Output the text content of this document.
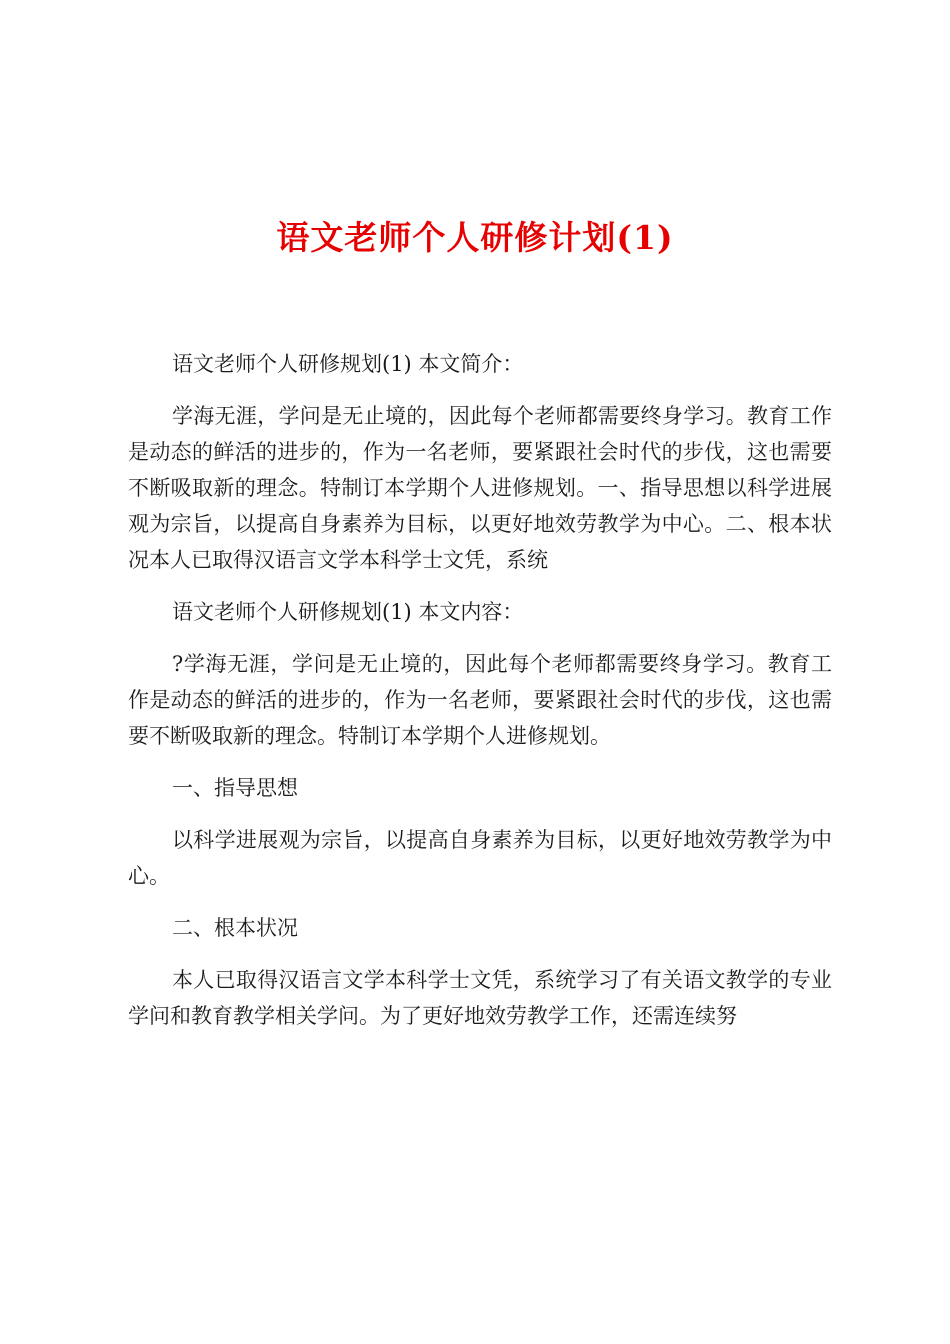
语文老师个人研修计划(1)

语文老师个人研修规划(1) 本文简介：

学海无涯，学问是无止境的，因此每个老师都需要终身学习。教育工作是动态的鲜活的进步的，作为一名老师，要紧跟社会时代的步伐，这也需要不断吸取新的理念。特制订本学期个人进修规划。一、指导思想以科学进展观为宗旨，以提高自身素养为目标，以更好地效劳教学为中心。二、根本状况本人已取得汉语言文学本科学士文凭，系统

语文老师个人研修规划(1) 本文内容：

?学海无涯，学问是无止境的，因此每个老师都需要终身学习。教育工作是动态的鲜活的进步的，作为一名老师，要紧跟社会时代的步伐，这也需要不断吸取新的理念。特制订本学期个人进修规划。

一、指导思想

以科学进展观为宗旨，以提高自身素养为目标，以更好地效劳教学为中心。

二、根本状况

本人已取得汉语言文学本科学士文凭，系统学习了有关语文教学的专业学问和教育教学相关学问。为了更好地效劳教学工作，还需连续努
